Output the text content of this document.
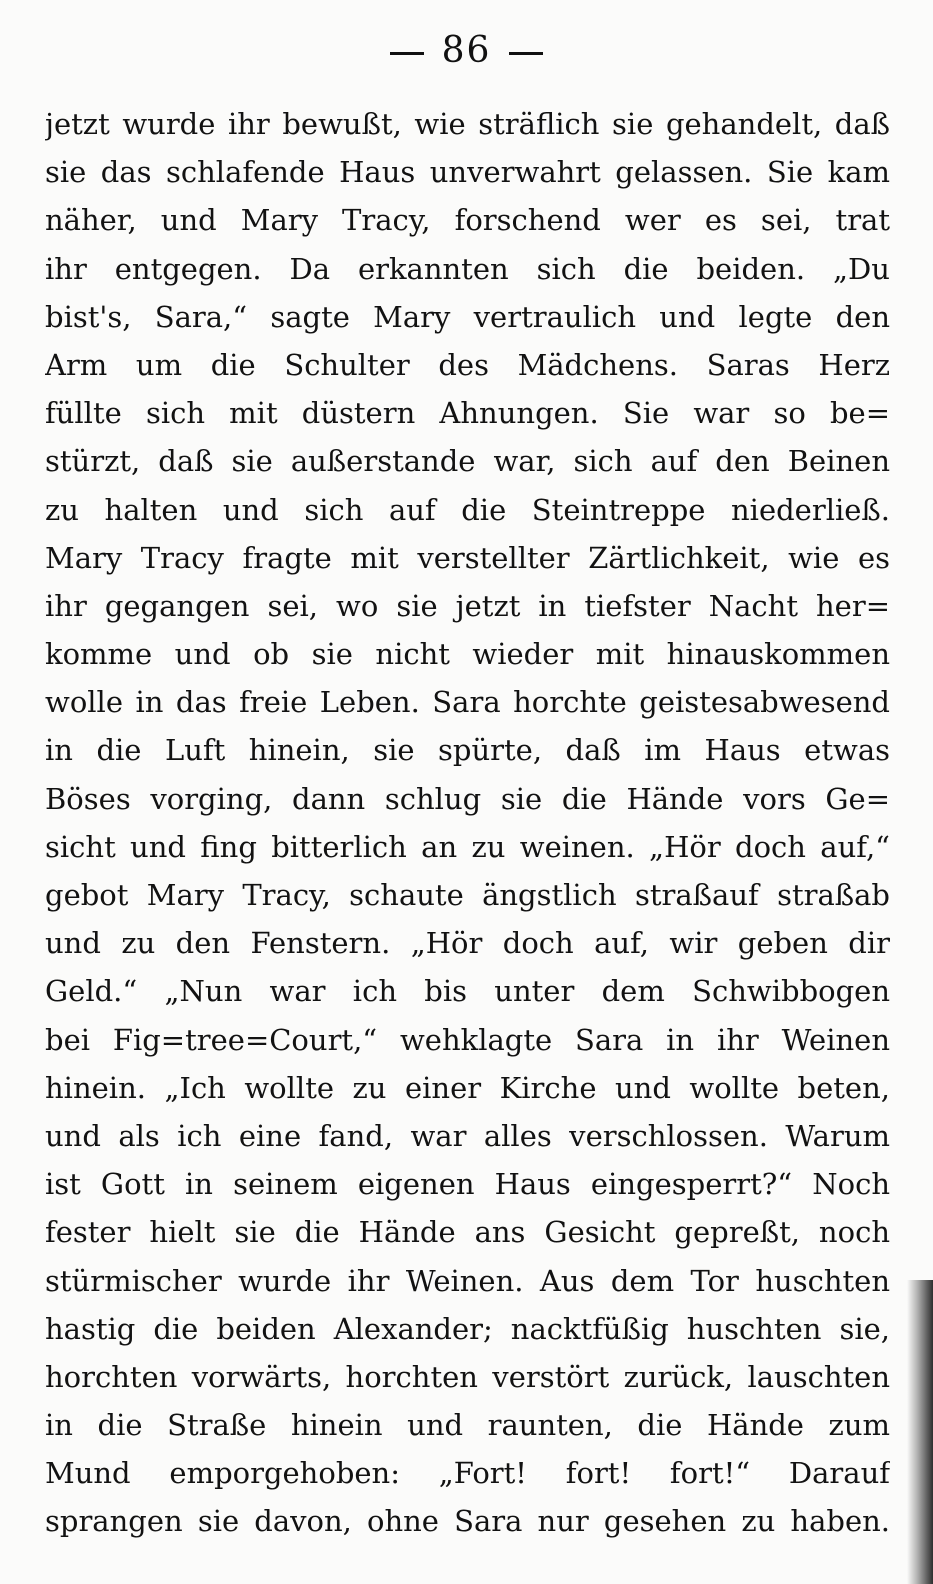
86
jetzt wurde ihr bewußt, wie sträflich sie gehandelt, daß
sie das schlafende Haus unverwahrt gelassen. Sie kam
näher, und Mary Tracy, forschend wer es sei, trat
ihr entgegen. Da erkannten sich die beiden. „Du
bist's, Sara,“ sagte Mary vertraulich und legte den
Arm um die Schulter des Mädchens. Saras Herz
füllte sich mit düstern Ahnungen. Sie war so be=
stürzt, daß sie außerstande war, sich auf den Beinen
zu halten und sich auf die Steintreppe niederließ.
Mary Tracy fragte mit verstellter Zärtlichkeit, wie es
ihr gegangen sei, wo sie jetzt in tiefster Nacht her=
komme und ob sie nicht wieder mit hinauskommen
wolle in das freie Leben. Sara horchte geistesabwesend
in die Luft hinein, sie spürte, daß im Haus etwas
Böses vorging, dann schlug sie die Hände vors Ge=
sicht und fing bitterlich an zu weinen. „Hör doch auf,“
gebot Mary Tracy, schaute ängstlich straßauf straßab
und zu den Fenstern. „Hör doch auf, wir geben dir
Geld.“ „Nun war ich bis unter dem Schwibbogen
bei Fig=tree=Court,“ wehklagte Sara in ihr Weinen
hinein. „Ich wollte zu einer Kirche und wollte beten,
und als ich eine fand, war alles verschlossen. Warum
ist Gott in seinem eigenen Haus eingesperrt?“ Noch
fester hielt sie die Hände ans Gesicht gepreßt, noch
stürmischer wurde ihr Weinen. Aus dem Tor huschten
hastig die beiden Alexander; nacktfüßig huschten sie,
horchten vorwärts, horchten verstört zurück, lauschten
in die Straße hinein und raunten, die Hände zum
Mund emporgehoben: „Fort! fort! fort!“ Darauf
sprangen sie davon, ohne Sara nur gesehen zu haben.
